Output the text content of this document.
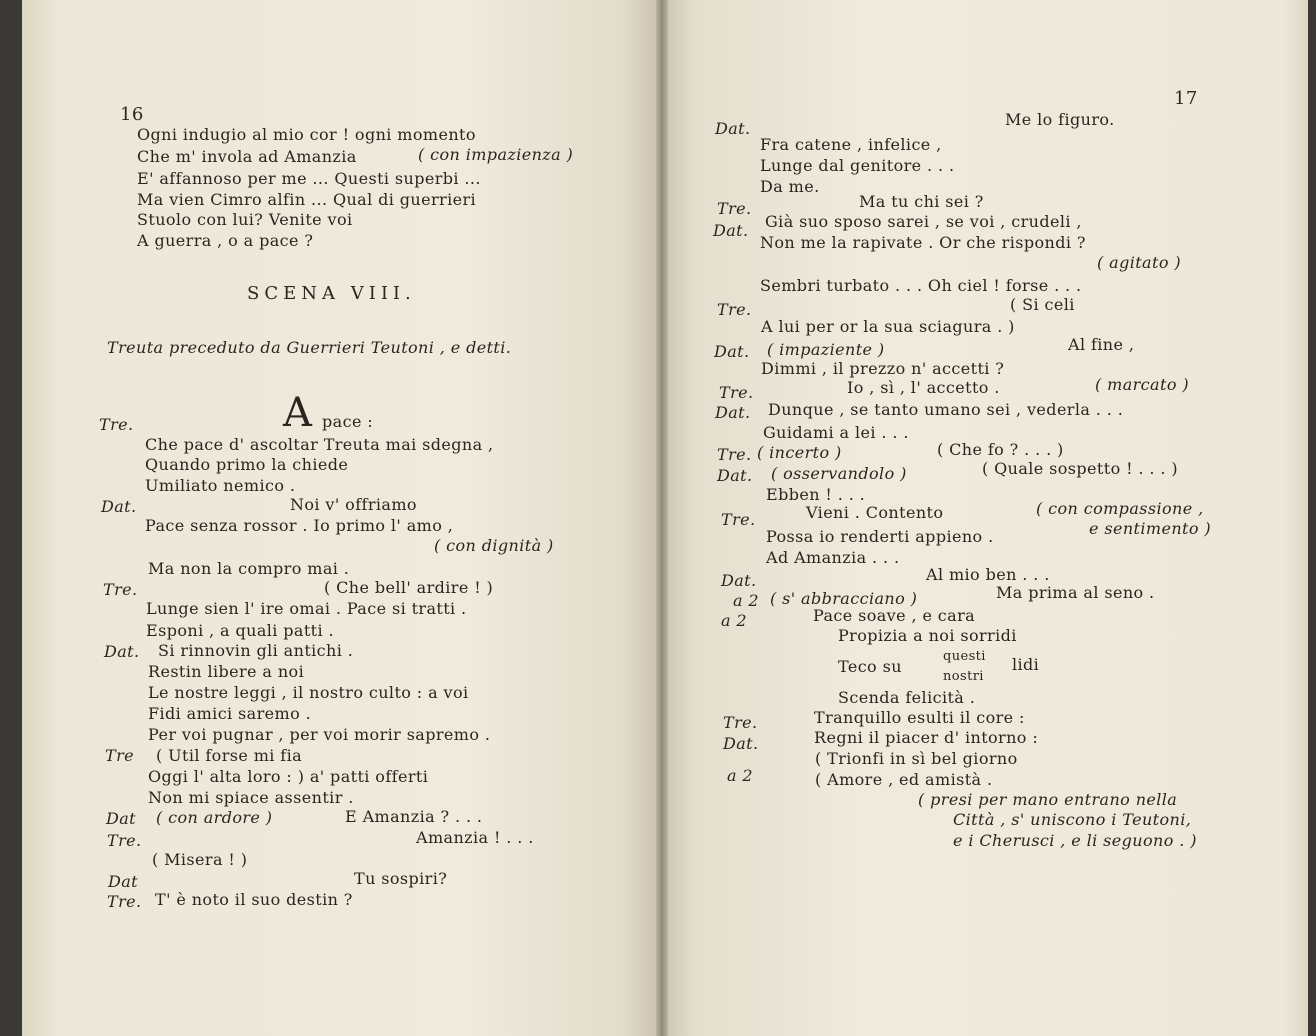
16
Ogni indugio al mio cor ! ogni momento
Che m' invola ad Amanzia	( con impazienza )
E' affannoso per me ... Questi superbi ...
Ma vien Cimro alfin ... Qual di guerrieri
Stuolo con lui? Venite voi
A guerra , o a pace ?
SCENA VIII.
Treuta preceduto da Guerrieri Teutoni , e detti.
Tre.	A pace :
Che pace d' ascoltar Treuta mai sdegna ,
Quando primo la chiede
Umiliato nemico .
Dat.	Noi v' offriamo
Pace senza rossor . Io primo l' amo ,
( con dignità )
Ma non la compro mai .
Tre.	( Che bell' ardire ! )
Lunge sien l' ire omai . Pace si tratti .
Esponi , a quali patti .
Dat. Si rinnovin gli antichi .
Restin libere a noi
Le nostre leggi , il nostro culto : a voi
Fidi amici saremo .
Per voi pugnar , per voi morir sapremo .
Tre ( Util forse mi fia
Oggi l' alta loro : ) a' patti offerti
Non mi spiace assentir .
Dat ( con ardore )	E Amanzia ? . . .
Tre.	Amanzia ! . . .
( Misera ! )
Dat	Tu sospiri?
Tre. T' è noto il suo destin ?
17
Dat.	Me lo figuro.
Fra catene , infelice ,
Lunge dal genitore . . .
Da me.
Tre.	Ma tu chi sei ?
Dat. Già suo sposo sarei , se voi , crudeli ,
Non me la rapivate . Or che rispondi ?
( agitato )
Sembri turbato . . . Oh ciel ! forse . . .
Tre.	( Si celi
A lui per or la sua sciagura . )
Dat. ( impaziente )	Al fine ,
Dimmi , il prezzo n' accetti ?
Tre.	Io , sì , l' accetto .	( marcato )
Dat. Dunque , se tanto umano sei , vederla . . .
Guidami a lei . . .
Tre. ( incerto )	( Che fo ? . . . )
Dat. ( osservandolo )	( Quale sospetto ! . . . )
Ebben ! . . .
Tre.	Vieni . Contento	( con compassione ,
Possa io renderti appieno .	e sentimento )
Ad Amanzia . . .
Dat.	Al mio ben . . .
a 2 ( s' abbracciano )	Ma prima al seno .
a 2	Pace soave , e cara
Propizia a noi sorridi
Teco su
questi
nostri
lidi
Scenda felicità .
Tre.	Tranquillo esulti il core :
Dat.	Regni il piacer d' intorno :
( Trionfi in sì bel giorno
a 2	( Amore , ed amistà .
( presi per mano entrano nella
Città , s' uniscono i Teutoni,
e i Cherusci , e li seguono . )
